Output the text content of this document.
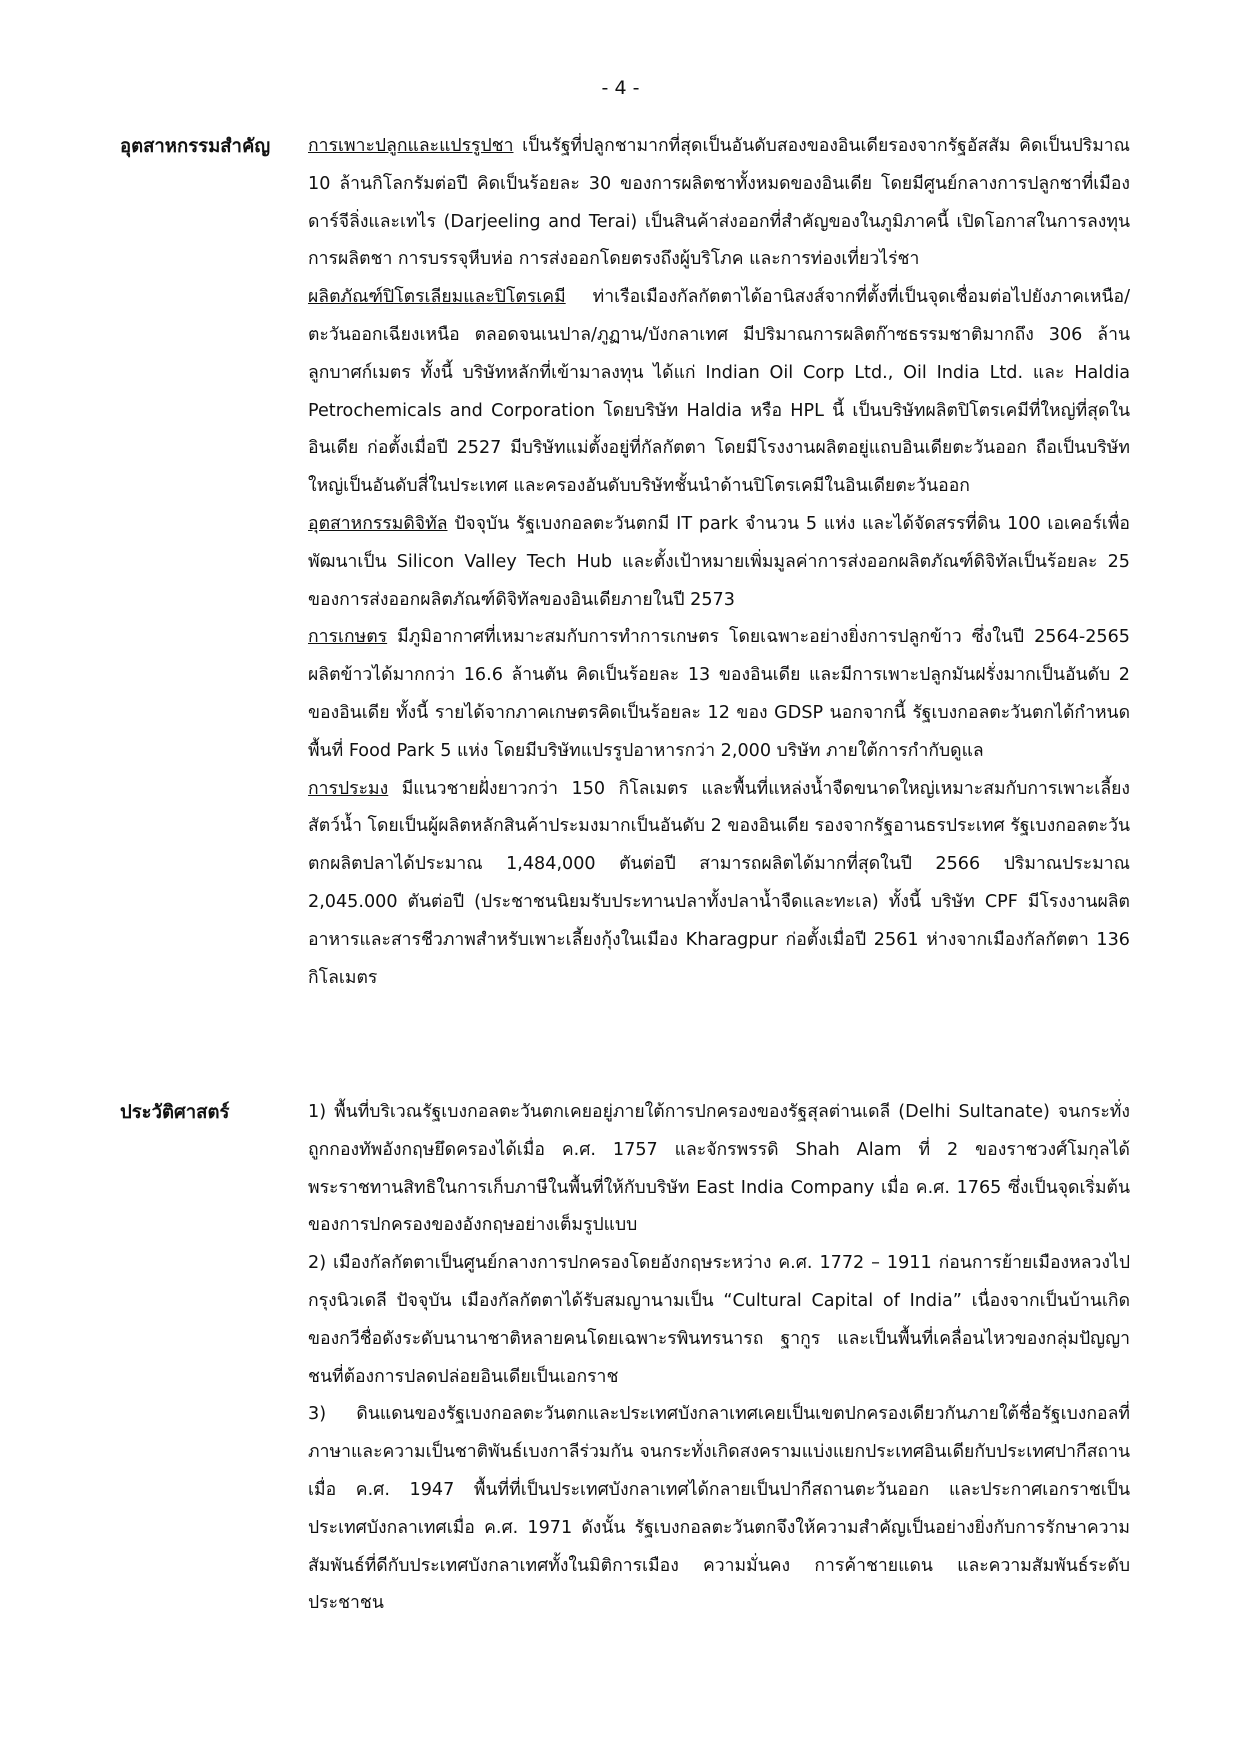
- 4 -
อุตสาหกรรมสำคัญ	การเพาะปลูกและแปรรูปชา เป็นรัฐที่ปลูกชามากที่สุดเป็นอันดับสองของอินเดียรองจากรัฐอัสสัม คิดเป็นปริมาณ 10 ล้านกิโลกรัมต่อปี คิดเป็นร้อยละ 30 ของการผลิตชาทั้งหมดของอินเดีย โดยมีศูนย์กลางการปลูกชาที่เมืองดาร์จีลิ่งและเทไร (Darjeeling and Terai) เป็นสินค้าส่งออกที่สำคัญของในภูมิภาคนี้ เปิดโอกาสในการลงทุนการผลิตชา การบรรจุหีบห่อ การส่งออกโดยตรงถึงผู้บริโภค และการท่องเที่ยวไร่ชา

ผลิตภัณฑ์ปิโตรเลียมและปิโตรเคมี ท่าเรือเมืองกัลกัตตาได้อานิสงส์จากที่ตั้งที่เป็นจุดเชื่อมต่อไปยังภาคเหนือ/ตะวันออกเฉียงเหนือ ตลอดจนเนปาล/ภูฏาน/บังกลาเทศ มีปริมาณการผลิตก๊าซธรรมชาติมากถึง 306 ล้านลูกบาศก์เมตร ทั้งนี้ บริษัทหลักที่เข้ามาลงทุน ได้แก่ Indian Oil Corp Ltd., Oil India Ltd. และ Haldia Petrochemicals and Corporation โดยบริษัท Haldia หรือ HPL นี้ เป็นบริษัทผลิตปิโตรเคมีที่ใหญ่ที่สุดในอินเดีย ก่อตั้งเมื่อปี 2527 มีบริษัทแม่ตั้งอยู่ที่กัลกัตตา โดยมีโรงงานผลิตอยู่แถบอินเดียตะวันออก ถือเป็นบริษัทใหญ่เป็นอันดับสี่ในประเทศ และครองอันดับบริษัทชั้นนำด้านปิโตรเคมีในอินเดียตะวันออก

อุตสาหกรรมดิจิทัล ปัจจุบัน รัฐเบงกอลตะวันตกมี IT park จำนวน 5 แห่ง และได้จัดสรรที่ดิน 100 เอเคอร์เพื่อพัฒนาเป็น Silicon Valley Tech Hub และตั้งเป้าหมายเพิ่มมูลค่าการส่งออกผลิตภัณฑ์ดิจิทัลเป็นร้อยละ 25 ของการส่งออกผลิตภัณฑ์ดิจิทัลของอินเดียภายในปี 2573

การเกษตร มีภูมิอากาศที่เหมาะสมกับการทำการเกษตร โดยเฉพาะอย่างยิ่งการปลูกข้าว ซึ่งในปี 2564-2565 ผลิตข้าวได้มากกว่า 16.6 ล้านตัน คิดเป็นร้อยละ 13 ของอินเดีย และมีการเพาะปลูกมันฝรั่งมากเป็นอันดับ 2 ของอินเดีย ทั้งนี้ รายได้จากภาคเกษตรคิดเป็นร้อยละ 12 ของ GDSP นอกจากนี้ รัฐเบงกอลตะวันตกได้กำหนดพื้นที่ Food Park 5 แห่ง โดยมีบริษัทแปรรูปอาหารกว่า 2,000 บริษัท ภายใต้การกำกับดูแล

การประมง มีแนวชายฝั่งยาวกว่า 150 กิโลเมตร และพื้นที่แหล่งน้ำจืดขนาดใหญ่เหมาะสมกับการเพาะเลี้ยงสัตว์น้ำ โดยเป็นผู้ผลิตหลักสินค้าประมงมากเป็นอันดับ 2 ของอินเดีย รองจากรัฐอานธรประเทศ รัฐเบงกอลตะวันตกผลิตปลาได้ประมาณ 1,484,000 ตันต่อปี สามารถผลิตได้มากที่สุดในปี 2566 ปริมาณประมาณ 2,045.000 ตันต่อปี (ประชาชนนิยมรับประทานปลาทั้งปลาน้ำจืดและทะเล) ทั้งนี้ บริษัท CPF มีโรงงานผลิตอาหารและสารชีวภาพสำหรับเพาะเลี้ยงกุ้งในเมือง Kharagpur ก่อตั้งเมื่อปี 2561 ห่างจากเมืองกัลกัตตา 136 กิโลเมตร

ประวัติศาสตร์	1) พื้นที่บริเวณรัฐเบงกอลตะวันตกเคยอยู่ภายใต้การปกครองของรัฐสุลต่านเดลี (Delhi Sultanate) จนกระทั่งถูกกองทัพอังกฤษยึดครองได้เมื่อ ค.ศ. 1757 และจักรพรรดิ Shah Alam ที่ 2 ของราชวงศ์โมกุลได้พระราชทานสิทธิในการเก็บภาษีในพื้นที่ให้กับบริษัท East India Company เมื่อ ค.ศ. 1765 ซึ่งเป็นจุดเริ่มต้นของการปกครองของอังกฤษอย่างเต็มรูปแบบ

2) เมืองกัลกัตตาเป็นศูนย์กลางการปกครองโดยอังกฤษระหว่าง ค.ศ. 1772 – 1911 ก่อนการย้ายเมืองหลวงไปกรุงนิวเดลี ปัจจุบัน เมืองกัลกัตตาได้รับสมญานามเป็น “Cultural Capital of India” เนื่องจากเป็นบ้านเกิดของกวีชื่อดังระดับนานาชาติหลายคนโดยเฉพาะรพินทรนารถ ฐากูร และเป็นพื้นที่เคลื่อนไหวของกลุ่มปัญญาชนที่ต้องการปลดปล่อยอินเดียเป็นเอกราช

3) ดินแดนของรัฐเบงกอลตะวันตกและประเทศบังกลาเทศเคยเป็นเขตปกครองเดียวกันภายใต้ชื่อรัฐเบงกอลที่ภาษาและความเป็นชาติพันธ์เบงกาลีร่วมกัน จนกระทั่งเกิดสงครามแบ่งแยกประเทศอินเดียกับประเทศปากีสถานเมื่อ ค.ศ. 1947 พื้นที่ที่เป็นประเทศบังกลาเทศได้กลายเป็นปากีสถานตะวันออก และประกาศเอกราชเป็นประเทศบังกลาเทศเมื่อ ค.ศ. 1971 ดังนั้น รัฐเบงกอลตะวันตกจึงให้ความสำคัญเป็นอย่างยิ่งกับการรักษาความสัมพันธ์ที่ดีกับประเทศบังกลาเทศทั้งในมิติการเมือง ความมั่นคง การค้าชายแดน และความสัมพันธ์ระดับประชาชน
